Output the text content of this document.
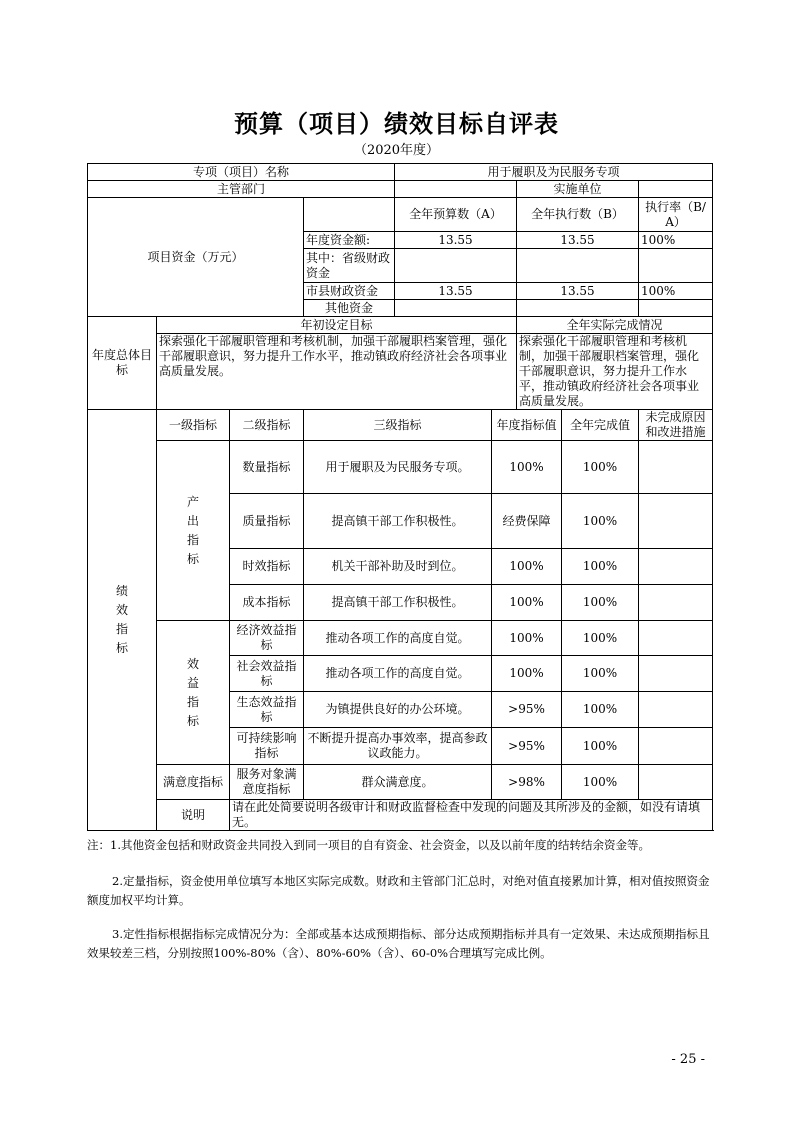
预算（项目）绩效目标自评表
（2020年度）
专项（项目）名称				用于履职及为民服务专项				
主管部门						实施单位		
项目资金（万元）				全年预算数（A）		全年执行数（B）		执行率（B/A）
			年度资金额:	13.55		13.55		100%
			其中：省级财政资金					
			市县财政资金	13.55		13.55		100%
			其他资金					
年度总体目标	年初设定目标					全年实际完成情况		
	探索强化干部履职管理和考核机制，加强干部履职档案管理，强化干部履职意识，努力提升工作水平，推动镇政府经济社会各项事业高质量发展。					探索强化干部履职管理和考核机制，加强干部履职档案管理，强化干部履职意识，努力提升工作水平，推动镇政府经济社会各项事业高质量发展。		
绩
效
指
标	一级指标	二级指标	三级指标		年度指标值		全年完成值	未完成原因和改进措施
	产
出
指
标	数量指标	用于履职及为民服务专项。		100%		100%	
		质量指标	提高镇干部工作积极性。		经费保障		100%	
		时效指标	机关干部补助及时到位。		100%		100%	
		成本指标	提高镇干部工作积极性。		100%		100%	
	效
益
指
标	经济效益指标	推动各项工作的高度自觉。		100%		100%	
		社会效益指标	推动各项工作的高度自觉。		100%		100%	
		生态效益指标	为镇提供良好的办公环境。		>95%		100%	
		可持续影响指标	不断提升提高办事效率，提高参政议政能力。		>95%		100%	
	满意度指标	服务对象满意度指标	群众满意度。		>98%		100%	
	说明	请在此处简要说明各级审计和财政监督检查中发现的问题及其所涉及的金额，如没有请填无。						
注：1.其他资金包括和财政资金共同投入到同一项目的自有资金、社会资金，以及以前年度的结转结余资金等。
2.定量指标，资金使用单位填写本地区实际完成数。财政和主管部门汇总时，对绝对值直接累加计算，相对值按照资金额度加权平均计算。
3.定性指标根据指标完成情况分为：全部或基本达成预期指标、部分达成预期指标并具有一定效果、未达成预期指标且效果较差三档，分别按照100%-80%（含）、80%-60%（含）、60-0%合理填写完成比例。
- 25 -
